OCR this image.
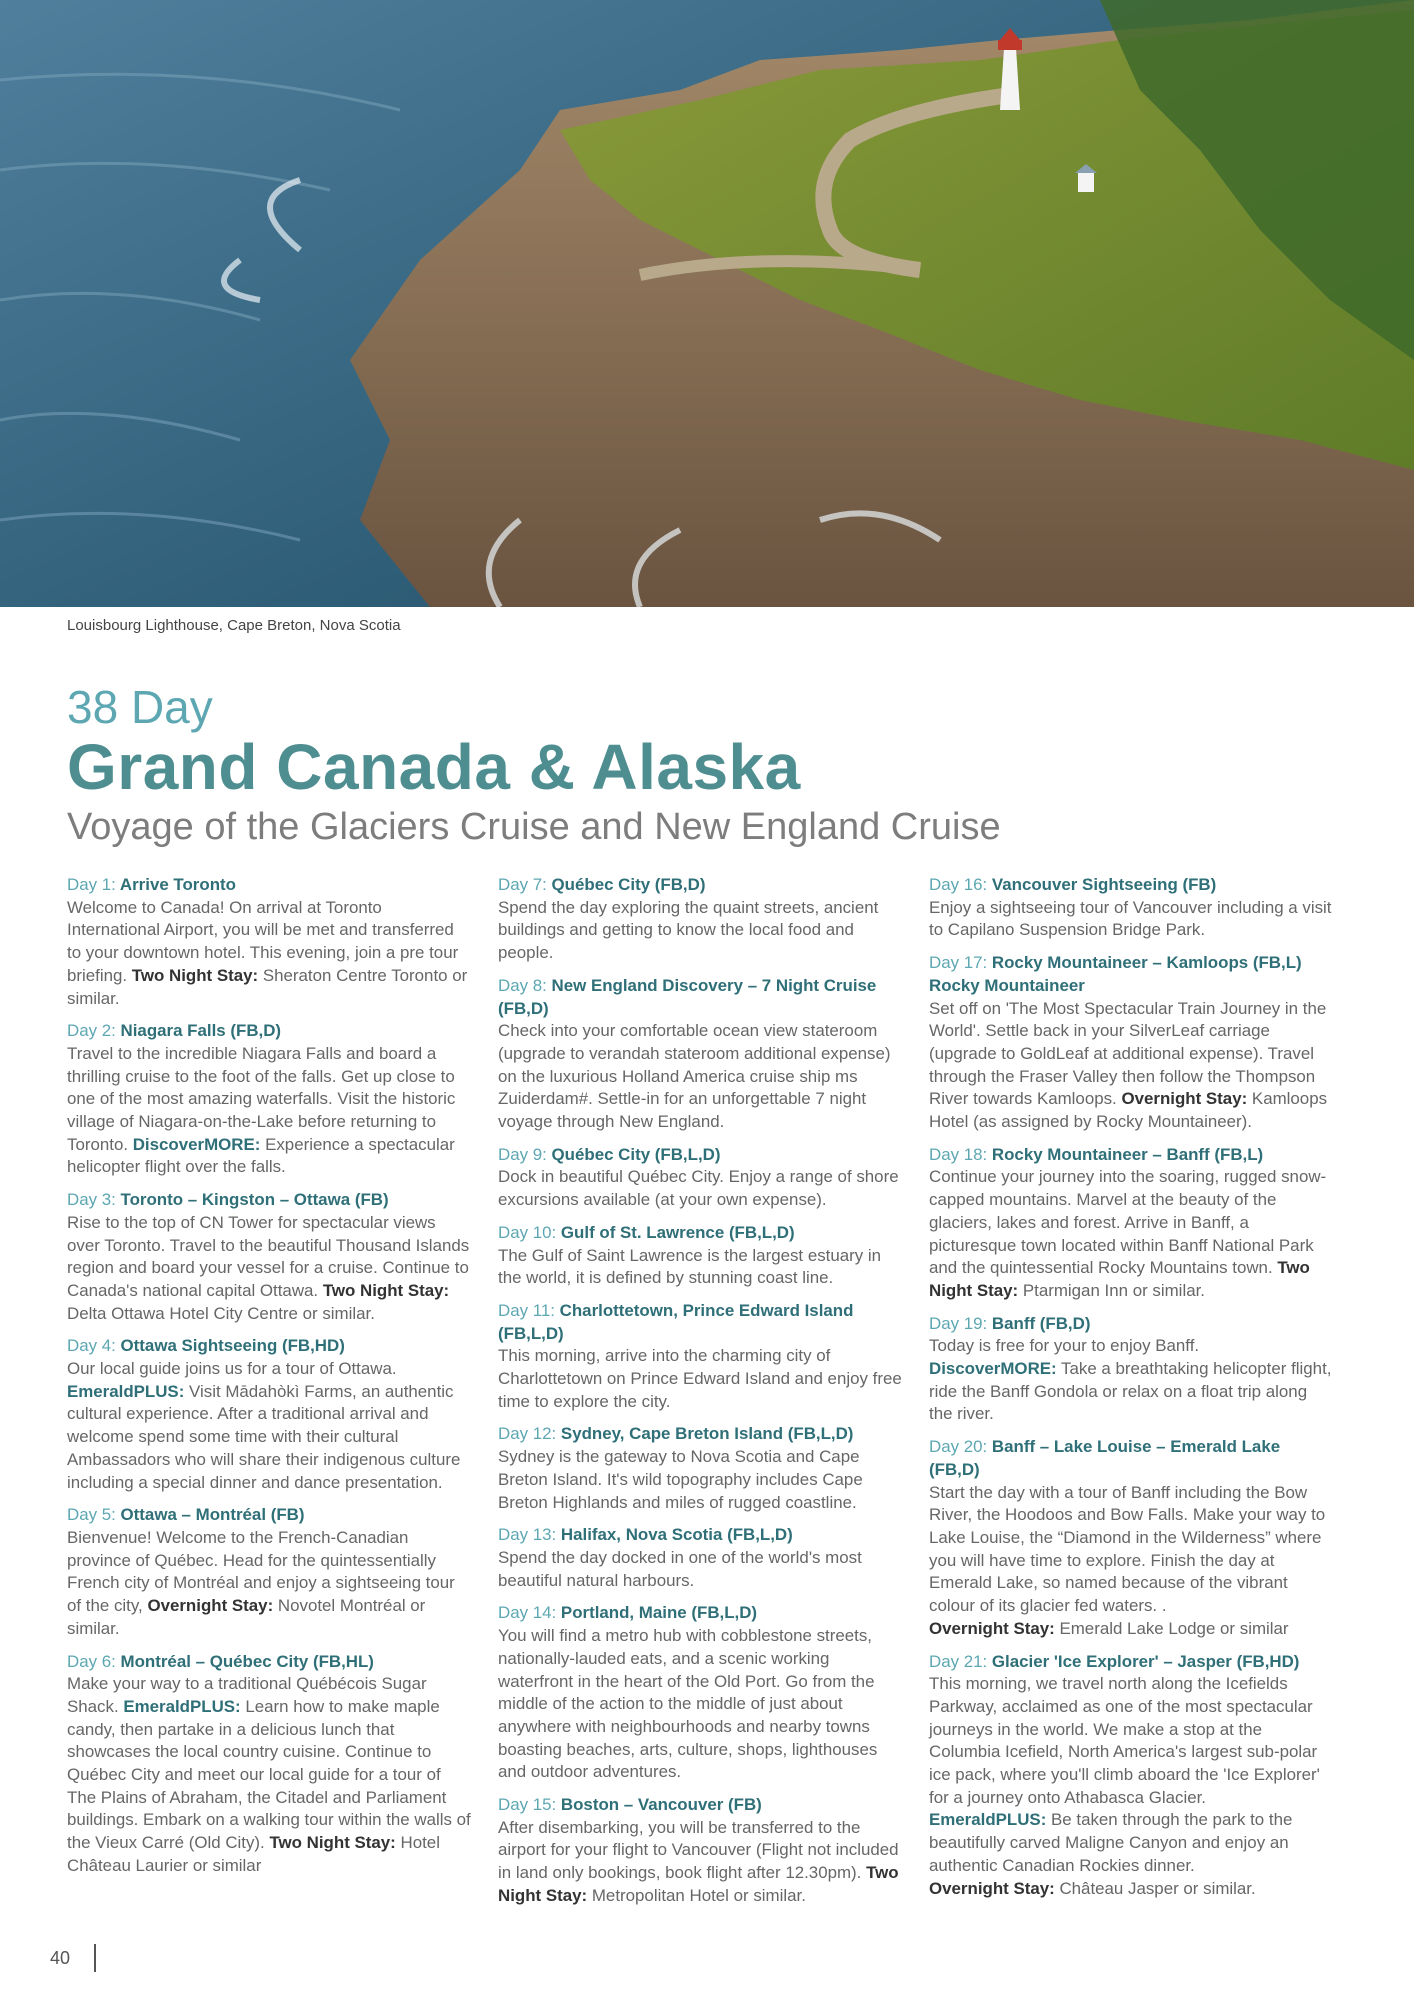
Louisbourg Lighthouse, Cape Breton, Nova Scotia
38 Day
Grand Canada & Alaska
Voyage of the Glaciers Cruise and New England Cruise
Day 1: Arrive Toronto
Welcome to Canada! On arrival at Toronto International Airport, you will be met and transferred to your downtown hotel. This evening, join a pre tour briefing. Two Night Stay: Sheraton Centre Toronto or similar.
Day 2: Niagara Falls (FB,D)
Travel to the incredible Niagara Falls and board a thrilling cruise to the foot of the falls. Get up close to one of the most amazing waterfalls. Visit the historic village of Niagara-on-the-Lake before returning to Toronto. DiscoverMORE: Experience a spectacular helicopter flight over the falls.
Day 3: Toronto – Kingston – Ottawa (FB)
Rise to the top of CN Tower for spectacular views over Toronto. Travel to the beautiful Thousand Islands region and board your vessel for a cruise. Continue to Canada's national capital Ottawa. Two Night Stay: Delta Ottawa Hotel City Centre or similar.
Day 4: Ottawa Sightseeing (FB,HD)
Our local guide joins us for a tour of Ottawa. EmeraldPLUS: Visit Mādahòkì Farms, an authentic cultural experience. After a traditional arrival and welcome spend some time with their cultural Ambassadors who will share their indigenous culture including a special dinner and dance presentation.
Day 5: Ottawa – Montréal (FB)
Bienvenue! Welcome to the French-Canadian province of Québec. Head for the quintessentially French city of Montréal and enjoy a sightseeing tour of the city, Overnight Stay: Novotel Montréal or similar.
Day 6: Montréal – Québec City (FB,HL)
Make your way to a traditional Québécois Sugar Shack. EmeraldPLUS: Learn how to make maple candy, then partake in a delicious lunch that showcases the local country cuisine. Continue to Québec City and meet our local guide for a tour of The Plains of Abraham, the Citadel and Parliament buildings. Embark on a walking tour within the walls of the Vieux Carré (Old City). Two Night Stay: Hotel Château Laurier or similar
Day 7: Québec City (FB,D)
Spend the day exploring the quaint streets, ancient buildings and getting to know the local food and people.
Day 8: New England Discovery – 7 Night Cruise (FB,D)
Check into your comfortable ocean view stateroom (upgrade to verandah stateroom additional expense) on the luxurious Holland America cruise ship ms Zuiderdam#. Settle-in for an unforgettable 7 night voyage through New England.
Day 9: Québec City (FB,L,D)
Dock in beautiful Québec City. Enjoy a range of shore excursions available (at your own expense).
Day 10: Gulf of St. Lawrence (FB,L,D)
The Gulf of Saint Lawrence is the largest estuary in the world, it is defined by stunning coast line.
Day 11: Charlottetown, Prince Edward Island (FB,L,D)
This morning, arrive into the charming city of Charlottetown on Prince Edward Island and enjoy free time to explore the city.
Day 12: Sydney, Cape Breton Island (FB,L,D)
Sydney is the gateway to Nova Scotia and Cape Breton Island. It's wild topography includes Cape Breton Highlands and miles of rugged coastline.
Day 13: Halifax, Nova Scotia (FB,L,D)
Spend the day docked in one of the world's most beautiful natural harbours.
Day 14: Portland, Maine (FB,L,D)
You will find a metro hub with cobblestone streets, nationally-lauded eats, and a scenic working waterfront in the heart of the Old Port. Go from the middle of the action to the middle of just about anywhere with neighbourhoods and nearby towns boasting beaches, arts, culture, shops, lighthouses and outdoor adventures.
Day 15: Boston – Vancouver (FB)
After disembarking, you will be transferred to the airport for your flight to Vancouver (Flight not included in land only bookings, book flight after 12.30pm). Two Night Stay: Metropolitan Hotel or similar.
Day 16: Vancouver Sightseeing (FB)
Enjoy a sightseeing tour of Vancouver including a visit to Capilano Suspension Bridge Park.
Day 17: Rocky Mountaineer – Kamloops (FB,L)
Rocky Mountaineer
Set off on 'The Most Spectacular Train Journey in the World'. Settle back in your SilverLeaf carriage (upgrade to GoldLeaf at additional expense). Travel through the Fraser Valley then follow the Thompson River towards Kamloops. Overnight Stay: Kamloops Hotel (as assigned by Rocky Mountaineer).
Day 18: Rocky Mountaineer – Banff (FB,L)
Continue your journey into the soaring, rugged snow-capped mountains. Marvel at the beauty of the glaciers, lakes and forest. Arrive in Banff, a picturesque town located within Banff National Park and the quintessential Rocky Mountains town. Two Night Stay: Ptarmigan Inn or similar.
Day 19: Banff (FB,D)
Today is free for your to enjoy Banff.
DiscoverMORE: Take a breathtaking helicopter flight, ride the Banff Gondola or relax on a float trip along the river.
Day 20: Banff – Lake Louise – Emerald Lake (FB,D)
Start the day with a tour of Banff including the Bow River, the Hoodoos and Bow Falls. Make your way to Lake Louise, the “Diamond in the Wilderness” where you will have time to explore. Finish the day at Emerald Lake, so named because of the vibrant colour of its glacier fed waters. .
Overnight Stay: Emerald Lake Lodge or similar
Day 21: Glacier 'Ice Explorer' – Jasper (FB,HD)
This morning, we travel north along the Icefields Parkway, acclaimed as one of the most spectacular journeys in the world. We make a stop at the Columbia Icefield, North America's largest sub-polar ice pack, where you'll climb aboard the 'Ice Explorer' for a journey onto Athabasca Glacier.
EmeraldPLUS: Be taken through the park to the beautifully carved Maligne Canyon and enjoy an authentic Canadian Rockies dinner.
Overnight Stay: Château Jasper or similar.
40
